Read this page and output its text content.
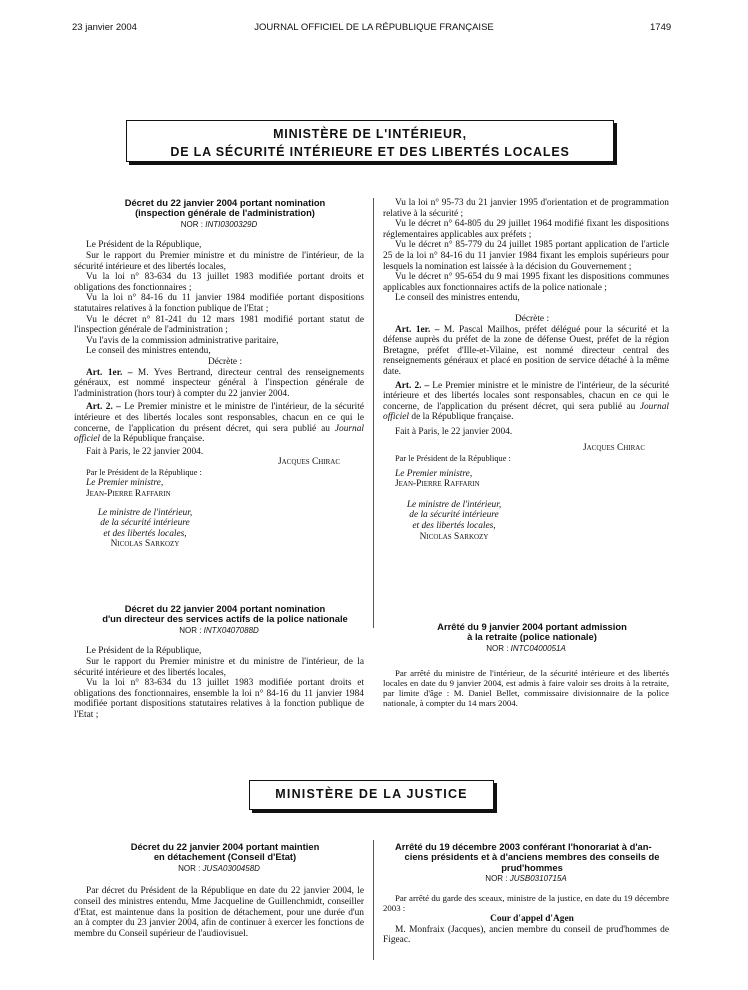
23 janvier 2004	JOURNAL OFFICIEL DE LA RÉPUBLIQUE FRANÇAISE	1749
MINISTÈRE DE L'INTÉRIEUR,
DE LA SÉCURITÉ INTÉRIEURE ET DES LIBERTÉS LOCALES

Décret du 22 janvier 2004 portant nomination

(inspection générale de l'administration)

NOR : INTI0300329D

Le Président de la République,

Sur le rapport du Premier ministre et du ministre de l'intérieur, de la sécurité intérieure et des libertés locales,

Vu la loi n° 83-634 du 13 juillet 1983 modifiée portant droits et obligations des fonctionnaires ;

Vu la loi n° 84-16 du 11 janvier 1984 modifiée portant dispositions statutaires relatives à la fonction publique de l'Etat ;

Vu le décret n° 81-241 du 12 mars 1981 modifié portant statut de l'inspection générale de l'administration ;

Vu l'avis de la commission administrative paritaire,

Le conseil des ministres entendu,

Décrète :

Art. 1er. – M. Yves Bertrand, directeur central des renseignements généraux, est nommé inspecteur général à l'inspection générale de l'administration (hors tour) à compter du 22 janvier 2004.

Art. 2. – Le Premier ministre et le ministre de l'intérieur, de la sécurité intérieure et des libertés locales sont responsables, chacun en ce qui le concerne, de l'application du présent décret, qui sera publié au Journal officiel de la République française.

Fait à Paris, le 22 janvier 2004.

Jacques Chirac

Par le Président de la République :

Le Premier ministre,

Jean-Pierre Raffarin

Le ministre de l'intérieur,

de la sécurité intérieure

et des libertés locales,

Nicolas Sarkozy

Décret du 22 janvier 2004 portant nomination

d'un directeur des services actifs de la police nationale

NOR : INTX0407088D

Le Président de la République,

Sur le rapport du Premier ministre et du ministre de l'intérieur, de la sécurité intérieure et des libertés locales,

Vu la loi n° 83-634 du 13 juillet 1983 modifiée portant droits et obligations des fonctionnaires, ensemble la loi n° 84-16 du 11 janvier 1984 modifiée portant dispositions statutaires relatives à la fonction publique de l'Etat ;

Vu la loi n° 95-73 du 21 janvier 1995 d'orientation et de programmation relative à la sécurité ;

Vu le décret n° 64-805 du 29 juillet 1964 modifié fixant les dispositions réglementaires applicables aux préfets ;

Vu le décret n° 85-779 du 24 juillet 1985 portant application de l'article 25 de la loi n° 84-16 du 11 janvier 1984 fixant les emplois supérieurs pour lesquels la nomination est laissée à la décision du Gouvernement ;

Vu le décret n° 95-654 du 9 mai 1995 fixant les dispositions communes applicables aux fonctionnaires actifs de la police nationale ;

Le conseil des ministres entendu,

Décrète :

Art. 1er. – M. Pascal Mailhos, préfet délégué pour la sécurité et la défense auprès du préfet de la zone de défense Ouest, préfet de la région Bretagne, préfet d'Ille-et-Vilaine, est nommé directeur central des renseignements généraux et placé en position de service détaché à la même date.

Art. 2. – Le Premier ministre et le ministre de l'intérieur, de la sécurité intérieure et des libertés locales sont responsables, chacun en ce qui le concerne, de l'application du présent décret, qui sera publié au Journal officiel de la République française.

Fait à Paris, le 22 janvier 2004.

Jacques Chirac

Par le Président de la République :

Le Premier ministre,

Jean-Pierre Raffarin

Le ministre de l'intérieur,

de la sécurité intérieure

et des libertés locales,

Nicolas Sarkozy

Arrêté du 9 janvier 2004 portant admission

à la retraite (police nationale)

NOR : INTC0400051A

Par arrêté du ministre de l'intérieur, de la sécurité intérieure et des libertés locales en date du 9 janvier 2004, est admis à faire valoir ses droits à la retraite, par limite d'âge : M. Daniel Bellet, commissaire divisionnaire de la police nationale, à compter du 14 mars 2004.

MINISTÈRE DE LA JUSTICE

Décret du 22 janvier 2004 portant maintien

en détachement (Conseil d'Etat)

NOR : JUSA0300458D

Par décret du Président de la République en date du 22 janvier 2004, le conseil des ministres entendu, Mme Jacqueline de Guillenchmidt, conseiller d'Etat, est maintenue dans la position de détachement, pour une durée d'un an à compter du 23 janvier 2004, afin de continuer à exercer les fonctions de membre du Conseil supérieur de l'audiovisuel.

Arrêté du 19 décembre 2003 conférant l'honorariat à d'an-

ciens présidents et à d'anciens membres des conseils de

prud'hommes

NOR : JUSB0310715A

Par arrêté du garde des sceaux, ministre de la justice, en date du 19 décembre 2003 :

Cour d'appel d'Agen

M. Monfraix (Jacques), ancien membre du conseil de prud'hommes de Figeac.
